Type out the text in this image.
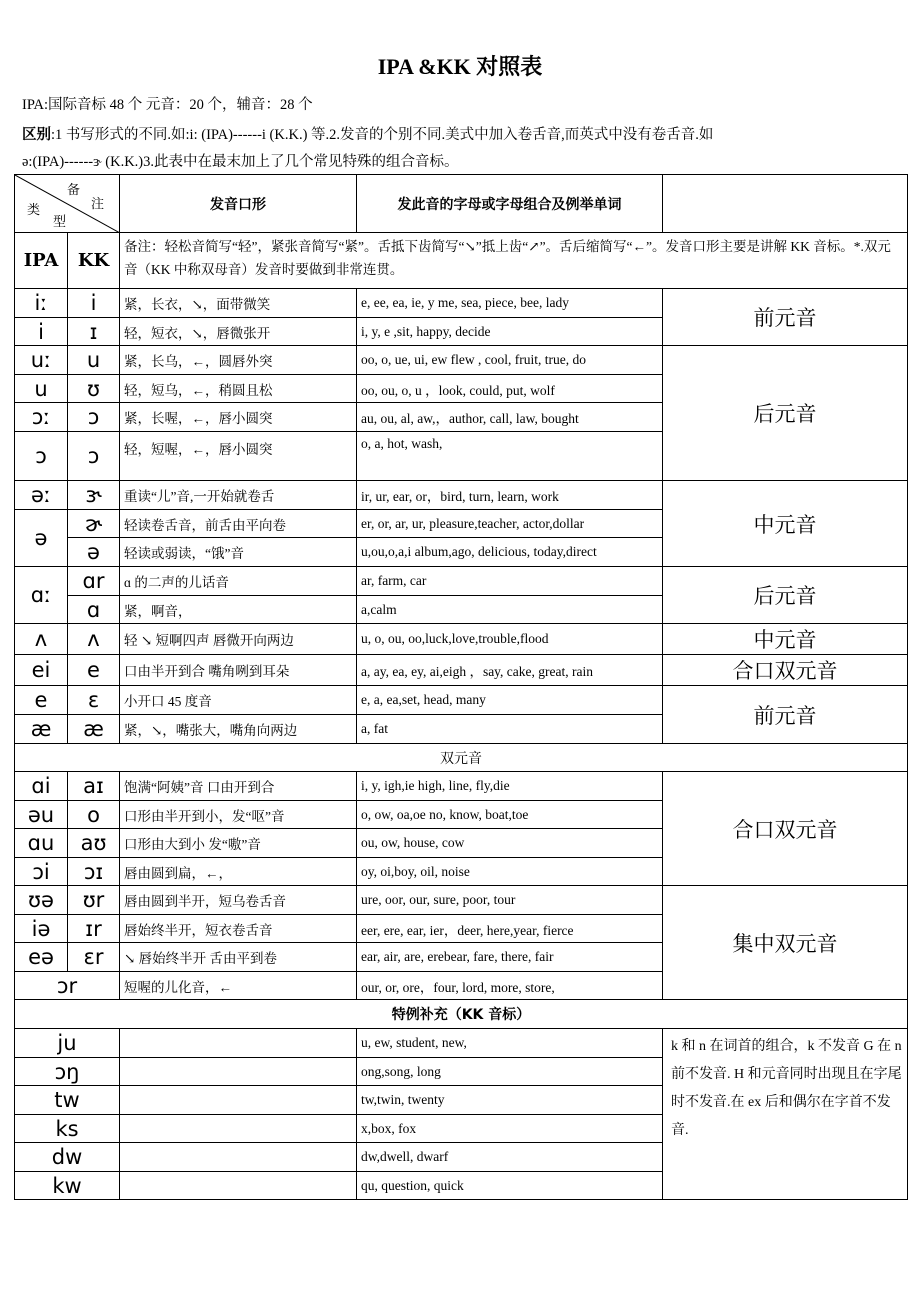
IPA &KK 对照表
IPA:国际音标 48 个 元音：20 个，辅音：28 个
区别:1 书写形式的不同.如:i: (IPA)------i (K.K.) 等.2.发音的个别不同.美式中加入卷舌音,而英式中没有卷舌音.如
ə:(IPA)------ɝ (K.K.)3.此表中在最末加上了几个常见特殊的组合音标。
备
注
类
型		发音口形	发此音的字母或字母组合及例举单词	
IPA	KK	备注：轻松音简写“轻”，紧张音简写“紧”。舌抵下齿简写“↘”抵上齿“↗”。舌后缩简写“←”。发音口形主要是讲解 KK 音标。*.双元音（KK 中称双母音）发音时要做到非常连贯。		
iː	i	紧，长衣，↘，面带微笑	e, ee, ea, ie, y me, sea, piece, bee, lady	前元音
i	ɪ	轻，短衣，↘，唇微张开	i, y, e ,sit, happy, decide	
uː	u	紧，长乌，←，圆唇外突	oo, o, ue, ui, ew flew , cool, fruit, true, do	后元音
u	ʊ	轻，短乌，←，稍圆且松	oo, ou, o, u ，look, could, put, wolf	
ɔː	ɔ	紧，长喔，←，唇小圆突	au, ou, al, aw,，author, call, law, bought	
ɔ	ɔ	轻，短喔，←，唇小圆突	o, a, hot, wash,	
əː	ɝ	重读“儿”音,一开始就卷舌	ir, ur, ear, or，bird, turn, learn, work	中元音
ə	ɚ	轻读卷舌音，前舌由平向卷	er, or, ar, ur, pleasure,teacher, actor,dollar	
	ə	轻读或弱读，“饿”音	u,ou,o,a,i album,ago, delicious, today,direct	
ɑː	ɑr	ɑ 的二声的儿话音	ar, farm, car	后元音
	ɑ	紧，啊音，	a,calm	
ʌ	ʌ	轻 ↘ 短啊四声 唇微开向两边	u, o, ou, oo,luck,love,trouble,flood	中元音
ei	e	口由半开到合 嘴角咧到耳朵	a, ay, ea, ey, ai,eigh ，say, cake, great, rain	合口双元音
e	ɛ	小开口 45 度音	e, a, ea,set, head, many	前元音
æ	æ	紧，↘，嘴张大，嘴角向两边	a, fat	
双元音				
ɑi	aɪ	饱满“阿姨”音 口由开到合	i, y, igh,ie high, line, fly,die	合口双元音
əu	o	口形由半开到小，发“呕”音	o, ow, oa,oe no, know, boat,toe	
ɑu	aʊ	口形由大到小 发“嗷”音	ou, ow, house, cow	
ɔi	ɔɪ	唇由圆到扁，←，	oy, oi,boy, oil, noise	
ʊə	ʊr	唇由圆到半开，短乌卷舌音	ure, oor, our, sure, poor, tour	集中双元音
iə	ɪr	唇始终半开，短衣卷舌音	eer, ere, ear, ier，deer, here,year, fierce	
eə	ɛr	↘ 唇始终半开 舌由平到卷	ear, air, are, erebear, fare, there, fair	
ɔr		短喔的儿化音，←	our, or, ore，four, lord, more, store,	
特例补充（KK 音标）				
ju			u, ew, student, new,	k 和 n 在词首的组合，k 不发音 G 在 n 前不发音. H 和元音同时出现且在字尾时不发音.在 ex 后和偶尔在字首不发音.
ɔŋ			ong,song, long	
tw			tw,twin, twenty	
ks			x,box, fox	
dw			dw,dwell, dwarf	
kw			qu, question, quick	
